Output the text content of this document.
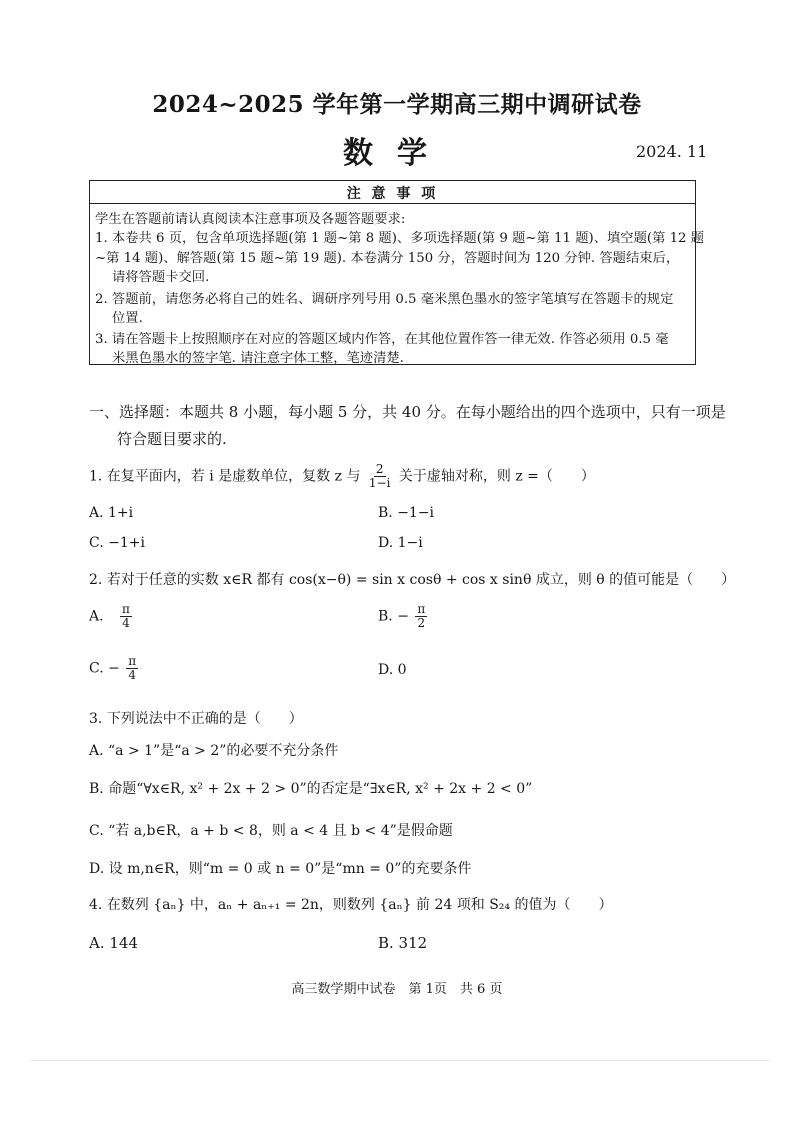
2024~2025 学年第一学期高三期中调研试卷
数学	2024. 11
注 意 事 项
学生在答题前请认真阅读本注意事项及各题答题要求:
1. 本卷共 6 页，包含单项选择题(第 1 题~第 8 题)、多项选择题(第 9 题~第 11 题)、填空题(第 12 题
~第 14 题)、解答题(第 15 题~第 19 题). 本卷满分 150 分，答题时间为 120 分钟. 答题结束后，
请将答题卡交回.
2. 答题前，请您务必将自己的姓名、调研序列号用 0.5 毫米黑色墨水的签字笔填写在答题卡的规定
位置.
3. 请在答题卡上按照顺序在对应的答题区域内作答，在其他位置作答一律无效. 作答必须用 0.5 毫
米黑色墨水的签字笔. 请注意字体工整，笔迹清楚.
一、选择题：本题共 8 小题，每小题 5 分，共 40 分。在每小题给出的四个选项中，只有一项是
符合题目要求的.
1. 在复平面内，若 i 是虚数单位，复数 z 与 $\frac{2}{1-i}$ 关于虚轴对称，则 z =（　　）
A. 1+i	B. −1−i
C. −1+i	D. 1−i
2. 若对于任意的实数 x∈R 都有 cos(x−θ) = sin x cosθ + cos x sinθ 成立，则 θ 的值可能是（　　）
A. $\frac{\pi}{4}$	B. − $\frac{\pi}{2}$
C. − $\frac{\pi}{4}$	D. 0
3. 下列说法中不正确的是（　　）
A. “a > 1”是“a > 2”的必要不充分条件
B. 命题“∀x∈R, x² + 2x + 2 > 0”的否定是“∃x∈R, x² + 2x + 2 < 0”
C. “若 a,b∈R，a + b < 8，则 a < 4 且 b < 4”是假命题
D. 设 m,n∈R，则“m = 0 或 n = 0”是“mn = 0”的充要条件
4. 在数列 {aₙ} 中，aₙ + aₙ₊₁ = 2n，则数列 {aₙ} 前 24 项和 S₂₄ 的值为（　　）
A. 144	B. 312
高三数学期中试卷　第 1页　共 6 页
